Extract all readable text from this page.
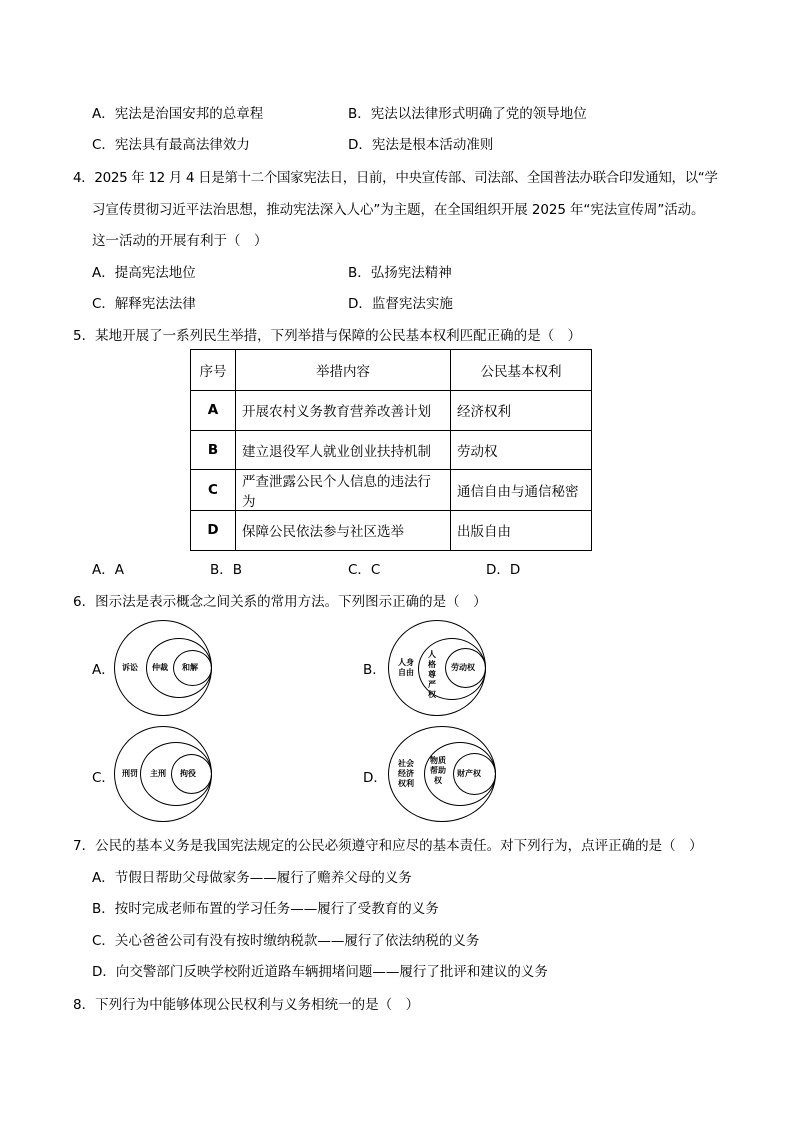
A．宪法是治国安邦的总章程	B．宪法以法律形式明确了党的领导地位
C．宪法具有最高法律效力	D．宪法是根本活动准则
4．2025 年 12 月 4 日是第十二个国家宪法日，日前，中央宣传部、司法部、全国普法办联合印发通知，以“学
习宣传贯彻习近平法治思想，推动宪法深入人心”为主题，在全国组织开展 2025 年“宪法宣传周”活动。
这一活动的开展有利于（　）
A．提高宪法地位	B．弘扬宪法精神
C．解释宪法法律	D．监督宪法实施
5．某地开展了一系列民生举措，下列举措与保障的公民基本权利匹配正确的是（　）
序号	举措内容	公民基本权利
A	开展农村义务教育营养改善计划	经济权利
B	建立退役军人就业创业扶持机制	劳动权
C	严查泄露公民个人信息的违法行为	通信自由与通信秘密
D	保障公民依法参与社区选举	出版自由
A．A	B．B	C．C	D．D
6．图示法是表示概念之间关系的常用方法。下列图示正确的是（　）
A． 诉讼 仲裁 和解	B． 人身自由
人格尊严权
劳动权
C． 刑罚 主刑 拘役	D．
社会经济权利
物质帮助权
财产权
7．公民的基本义务是我国宪法规定的公民必须遵守和应尽的基本责任。对下列行为，点评正确的是（　）
A．节假日帮助父母做家务——履行了赡养父母的义务
B．按时完成老师布置的学习任务——履行了受教育的义务
C．关心爸爸公司有没有按时缴纳税款——履行了依法纳税的义务
D．向交警部门反映学校附近道路车辆拥堵问题——履行了批评和建议的义务
8．下列行为中能够体现公民权利与义务相统一的是（　）
